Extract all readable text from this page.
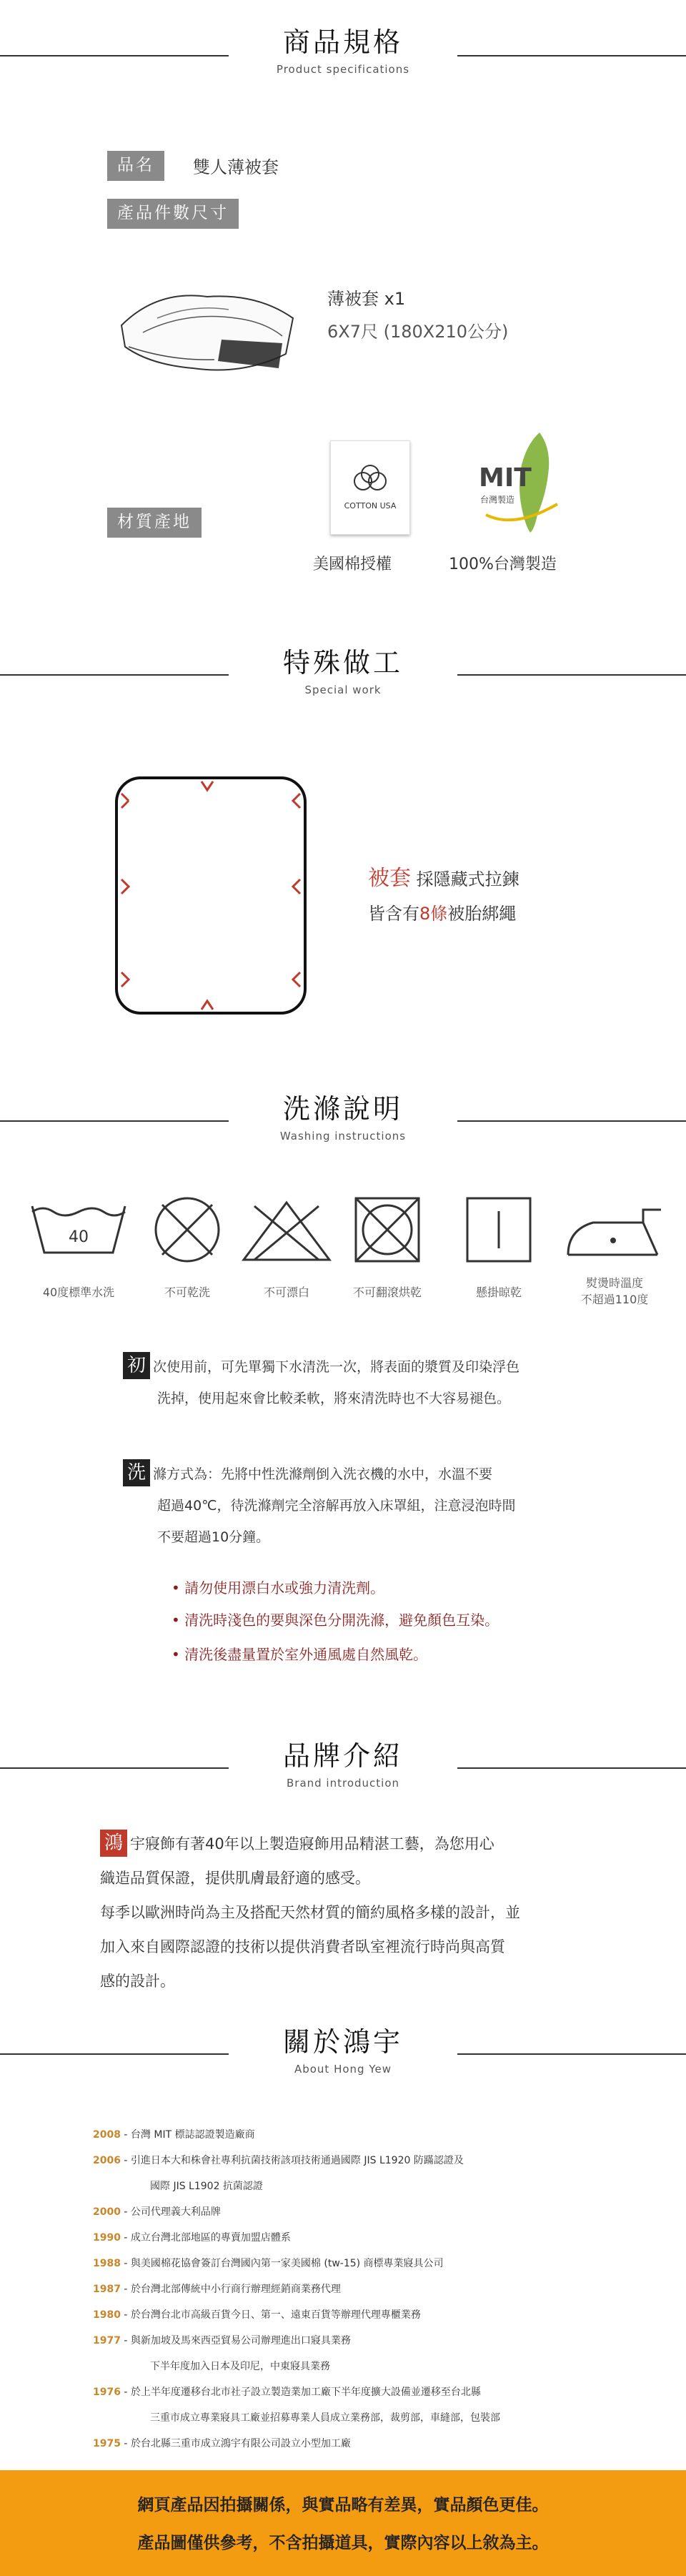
商品規格
Product specifications
品名	雙人薄被套
產品件數尺寸
薄被套 x1
6X7尺 (180X210公分)
材質產地
COTTON USA
美國棉授權
MIT
台灣製造
100%台灣製造
特殊做工
Special work
被套 採隱藏式拉鍊
皆含有8條被胎綁繩
洗滌說明
Washing instructions
40
40度標準水洗	不可乾洗	不可漂白	不可翻滾烘乾	懸掛晾乾
熨燙時溫度
不超過110度
初 次使用前，可先單獨下水清洗一次，將表面的漿質及印染浮色
洗掉，使用起來會比較柔軟，將來清洗時也不大容易褪色。
洗 滌方式為：先將中性洗滌劑倒入洗衣機的水中，水溫不要
超過40℃，待洗滌劑完全溶解再放入床罩組，注意浸泡時間
不要超過10分鐘。
• 請勿使用漂白水或強力清洗劑。
• 清洗時淺色的要與深色分開洗滌，避免顏色互染。
• 清洗後盡量置於室外通風處自然風乾。
品牌介紹
Brand introduction
鴻 宇寢飾有著40年以上製造寢飾用品精湛工藝，為您用心
織造品質保證，提供肌膚最舒適的感受。
每季以歐洲時尚為主及搭配天然材質的簡約風格多樣的設計，並
加入來自國際認證的技術以提供消費者臥室裡流行時尚與高質
感的設計。
關於鴻宇
About Hong Yew
2008 - 台灣 MIT 標誌認證製造廠商
2006 - 引進日本大和株會社專利抗菌技術該項技術通過國際 JIS L1920 防蹣認證及
國際 JIS L1902 抗菌認證
2000 - 公司代理義大利品牌
1990 - 成立台灣北部地區的專賣加盟店體系
1988 - 與美國棉花協會簽訂台灣國內第一家美國棉 (tw-15) 商標專業寢具公司
1987 - 於台灣北部傳統中小行商行辦理經銷商業務代理
1980 - 於台灣台北市高級百貨今日、第一、遠東百貨等辦理代理專櫃業務
1977 - 與新加坡及馬來西亞貿易公司辦理進出口寢具業務
下半年度加入日本及印尼，中東寢具業務
1976 - 於上半年度遷移台北市社子設立製造業加工廠下半年度擴大設備並遷移至台北縣
三重市成立專業寢具工廠並招募專業人員成立業務部，裁剪部，車縫部，包裝部
1975 - 於台北縣三重市成立鴻宇有限公司設立小型加工廠
網頁產品因拍攝關係，與實品略有差異，實品顏色更佳。
產品圖僅供參考，不含拍攝道具，實際內容以上敘為主。
